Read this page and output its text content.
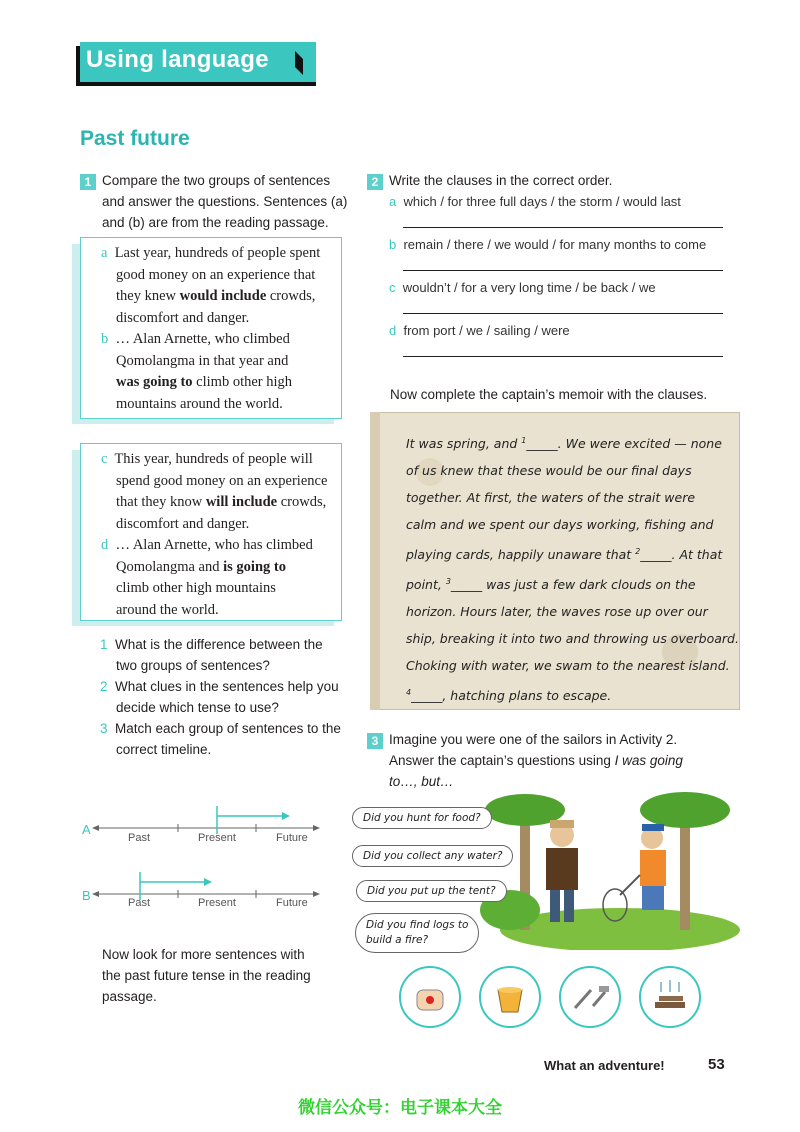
Using language
Past future
1 Compare the two groups of sentences
and answer the questions. Sentences (a)
and (b) are from the reading passage.
a Last year, hundreds of people spent
good money on an experience that
they knew would include crowds,
discomfort and danger.
b … Alan Arnette, who climbed
Qomolangma in that year and
was going to climb other high
mountains around the world.
c This year, hundreds of people will
spend good money on an experience
that they know will include crowds,
discomfort and danger.
d … Alan Arnette, who has climbed
Qomolangma and is going to
climb other high mountains
around the world.
1 What is the difference between the
two groups of sentences?
2 What clues in the sentences help you
decide which tense to use?
3 Match each group of sentences to the
correct timeline.
A
Past	Present	Future
B	Past	Present	Future
Now look for more sentences with
the past future tense in the reading
passage.
2 Write the clauses in the correct order.
a which / for three full days / the storm / would last
b remain / there / we would / for many months to come
c wouldn’t / for a very long time / be back / we
d from port / we / sailing / were
Now complete the captain’s memoir with the clauses.
It was spring, and $^1$_____. We were excited — none
of us knew that these would be our final days
together. At first, the waters of the strait were
calm and we spent our days working, fishing and
playing cards, happily unaware that $^2$_____. At that
point, $^3$_____ was just a few dark clouds on the
horizon. Hours later, the waves rose up over our
ship, breaking it into two and throwing us overboard.
Choking with water, we swam to the nearest island.
$^4$_____, hatching plans to escape.
3 Imagine you were one of the sailors in Activity 2.
Answer the captain’s questions using I was going
to…, but…
Did you hunt for food?
Did you collect any water?
Did you put up the tent?
Did you find logs to
build a fire?
What an adventure!	53
微信公众号：电子课本大全
